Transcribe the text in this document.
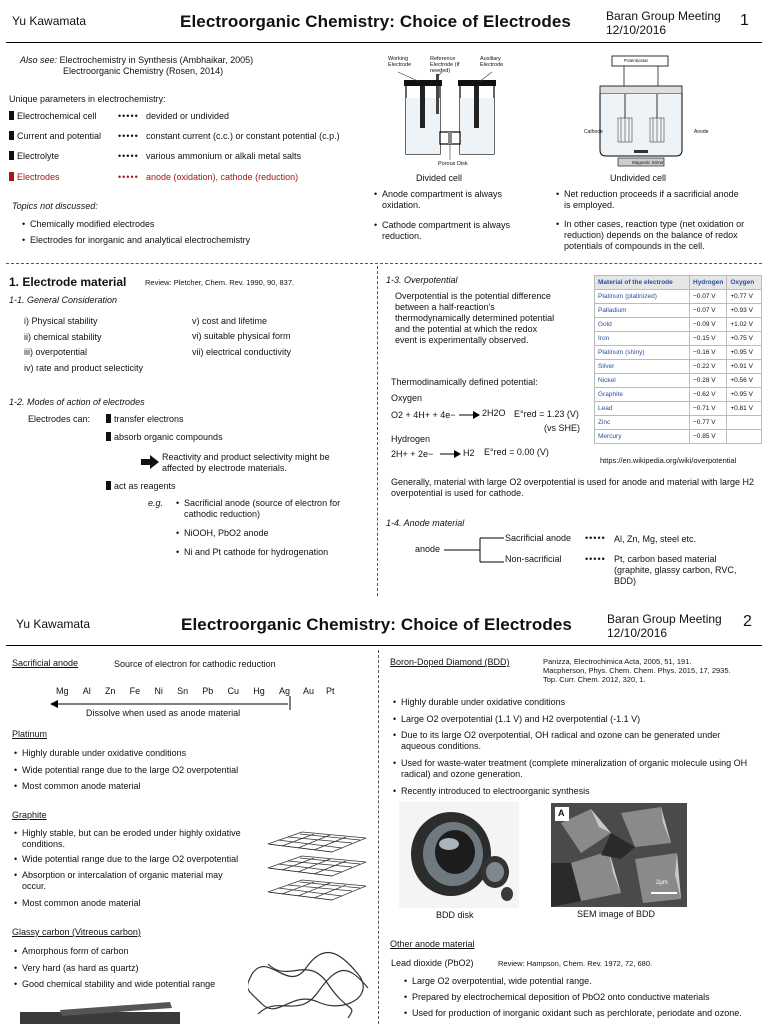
Yu Kawamata	Electroorganic Chemistry: Choice of Electrodes	Baran Group Meeting
12/10/2016
1
Also see: Electrochemistry in Synthesis (Ambhaikar, 2005)
Electroorganic Chemistry (Rosen, 2014)
Unique parameters in electrochemistry:
Electrochemical cell ••••• devided or undivided
Current and potential ••••• constant current (c.c.) or constant potential (c.p.)
Electrolyte	••••• various ammonium or alkali metal salts
Electrodes	••••• anode (oxidation), cathode (reduction)
Topics not discussed:
• Chemically modified electrodes
• Electrodes for inorganic and analytical electrochemistry
Working Electrode
Reference Electrode (if needed)
Auxiliary Electrode
Porous Disk
Divided cell
Potentiostat
Cathode	Anode
Magnetic Stirrer
Undivided cell
• Anode compartment is always oxidation.
• Cathode compartment is always reduction.
• Net reduction proceeds if a sacrificial anode is employed.
• In other cases, reaction type (net oxidation or reduction) depends on the balance of redox potentials of compounds in the cell.
1. Electrode material Review: Pletcher, Chem. Rev. 1990, 90, 837.
1-1. General Consideration
i) Physical stability
ii) chemical stability
iii) overpotential
iv) rate and product selecticity
v) cost and lifetime
vi) suitable physical form
vii) electrical conductivity
1-2. Modes of action of electrodes
Electrodes can:	transfer electrons
absorb organic compounds
Reactivity and product selectivity might be affected by electrode materials.
act as reagents
e.g. • Sacrificial anode (source of electron for cathodic reduction)
• NiOOH, PbO2 anode
• Ni and Pt cathode for hydrogenation
1-3. Overpotential
Overpotential is the potential difference between a half-reaction's thermodynamically determined potential and the potential at which the redox event is experimentally observed.
Thermodinamically defined potential:
Oxygen
O2 + 4H+ + 4e−	2H2O E°red = 1.23 (V)
(vs SHE)
Hydrogen
2H+ + 2e−	H2 E°red = 0.00 (V)
Generally, material with large O2 overpotential is used for anode and material with large H2 overpotential is used for cathode.
Material of the electrode	Hydrogen	Oxygen
Platinum (platinized)	−0.07 V	+0.77 V
Palladium	−0.07 V	+0.93 V
Gold	−0.09 V	+1.02 V
Iron	−0.15 V	+0.75 V
Platinum (shiny)	−0.16 V	+0.95 V
Silver	−0.22 V	+0.91 V
Nickel	−0.28 V	+0.56 V
Graphite	−0.62 V	+0.95 V
Lead	−0.71 V	+0.81 V
Zinc	−0.77 V	
Mercury	−0.85 V	
https://en.wikipedia.org/wiki/overpotential
1-4. Anode material
anode
Sacrificial anode ••••• Al, Zn, Mg, steel etc.
Non-sacrificial	••••• Pt, carbon based material (graphite, glassy carbon, RVC, BDD)
Yu Kawamata	Electroorganic Chemistry: Choice of Electrodes	Baran Group Meeting
12/10/2016
2
Sacrificial anode	Source of electron for cathodic reduction
Mg Al Zn Fe Ni Sn Pb Cu Hg Ag Au Pt
Dissolve when used as anode material
Platinum
• Highly durable under oxidative conditions
• Wide potential range due to the large O2 overpotential
• Most common anode material
Graphite
• Highly stable, but can be eroded under highly oxidative conditions.
• Wide potential range due to the large O2 overpotential
• Absorption or intercalation of organic material may occur.
• Most common anode material
Glassy carbon (Vitreous carbon)
• Amorphous form of carbon
• Very hard (as hard as quartz)
• Good chemical stability and wide potential range
Boron-Doped Diamond (BDD)	Panizza, Electrochimica Acta, 2005, 51, 191.
Macpherson, Phys. Chem. Chem. Phys. 2015, 17, 2935.
Top. Curr. Chem. 2012, 320, 1.
• Highly durable under oxidative conditions
• Large O2 overpotential (1.1 V) and H2 overpotential (-1.1 V)
• Due to its large O2 overpotential, OH radical and ozone can be generated under aqueous conditions.
• Used for waste-water treatment (complete mineralization of organic molecule using OH radical) and ozone generation.
• Recently introduced to electroorganic synthesis
BDD disk
A
2μm
SEM image of BDD
Other anode material
Lead dioxide (PbO2)	Review: Hampson, Chem. Rev. 1972, 72, 680.
• Large O2 overpotential, wide potential range.
• Prepared by electrochemical deposition of PbO2 onto conductive materials
• Used for production of inorganic oxidant such as perchlorate, periodate and ozone.
